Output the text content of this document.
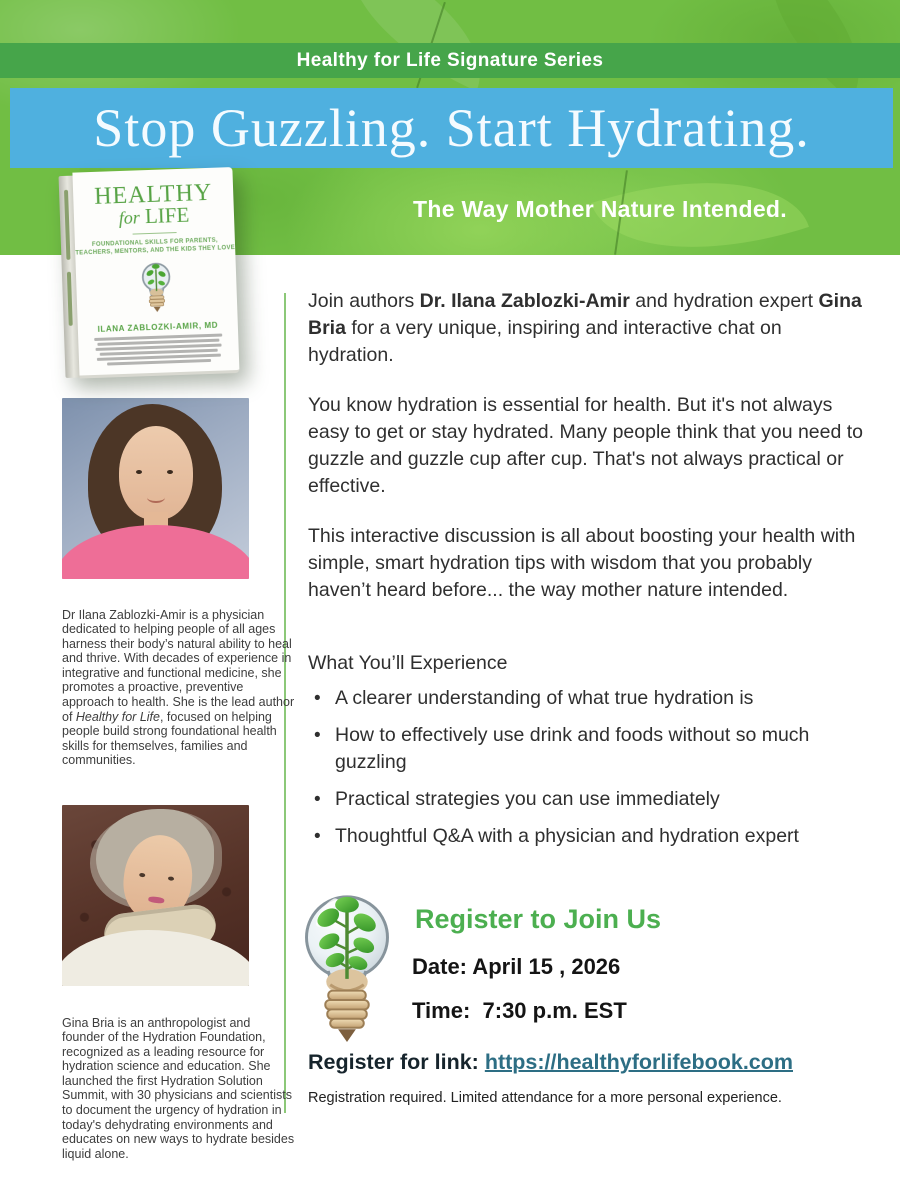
Healthy for Life Signature Series
Stop Guzzling. Start Hydrating.
The Way Mother Nature Intended.
HEALTHY
for LIFE
FOUNDATIONAL SKILLS FOR PARENTS,
TEACHERS, MENTORS, AND THE KIDS THEY LOVE
ILANA ZABLOZKI-AMIR, MD

Dr Ilana Zablozki-Amir is a physician dedicated to helping people of all ages harness their body’s natural ability to heal and thrive. With decades of experience in integrative and functional medicine, she promotes a proactive, preventive approach to health. She is the lead author of Healthy for Life, focused on helping people build strong foundational health skills for themselves, families and communities.

Gina Bria is an anthropologist and founder of the Hydration Foundation, recognized as a leading resource for hydration science and education. She launched the first Hydration Solution Summit, with 30 physicians and scientists to document the urgency of hydration in today's dehydrating environments and educates on new ways to hydrate besides liquid alone.

Join authors Dr. Ilana Zablozki-Amir and hydration expert Gina Bria for a very unique, inspiring and interactive chat on hydration.

You know hydration is essential for health. But it's not always easy to get or stay hydrated. Many people think that you need to guzzle and guzzle cup after cup. That's not always practical or effective.

This interactive discussion is all about boosting your health with simple, smart hydration tips with wisdom that you probably haven’t heard before... the way mother nature intended.

What You’ll Experience
• A clearer understanding of what true hydration is
• How to effectively use drink and foods without so much guzzling
• Practical strategies you can use immediately
• Thoughtful Q&A with a physician and hydration expert
Register to Join Us
Date: April 15 , 2026
Time:  7:30 p.m. EST
Register for link: https://healthyforlifebook.com
Registration required. Limited attendance for a more personal experience.
